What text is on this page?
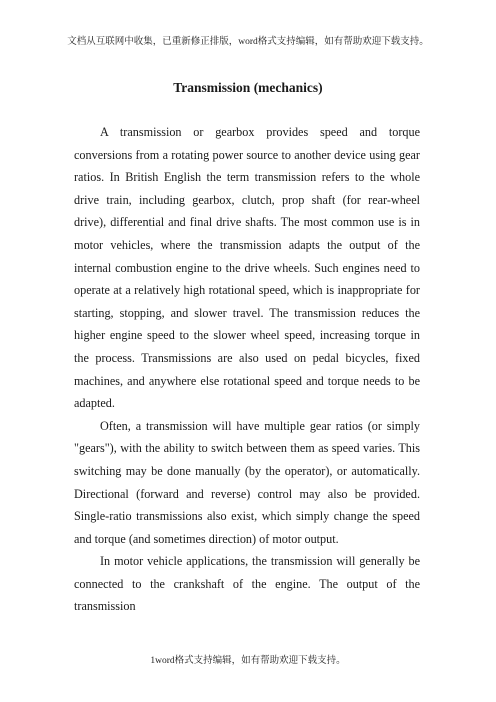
文档从互联网中收集，已重新修正排版，word格式支持编辑，如有帮助欢迎下载支持。
Transmission (mechanics)

A transmission or gearbox provides speed and torque conversions from a rotating power source to another device using gear ratios. In British English the term transmission refers to the whole drive train, including gearbox, clutch, prop shaft (for rear-wheel drive), differential and final drive shafts. The most common use is in motor vehicles, where the transmission adapts the output of the internal combustion engine to the drive wheels. Such engines need to operate at a relatively high rotational speed, which is inappropriate for starting, stopping, and slower travel. The transmission reduces the higher engine speed to the slower wheel speed, increasing torque in the process. Transmissions are also used on pedal bicycles, fixed machines, and anywhere else rotational speed and torque needs to be adapted.

Often, a transmission will have multiple gear ratios (or simply "gears"), with the ability to switch between them as speed varies. This switching may be done manually (by the operator), or automatically. Directional (forward and reverse) control may also be provided. Single-ratio transmissions also exist, which simply change the speed and torque (and sometimes direction) of motor output.

In motor vehicle applications, the transmission will generally be connected to the crankshaft of the engine. The output of the transmission

1word格式支持编辑，如有帮助欢迎下载支持。
